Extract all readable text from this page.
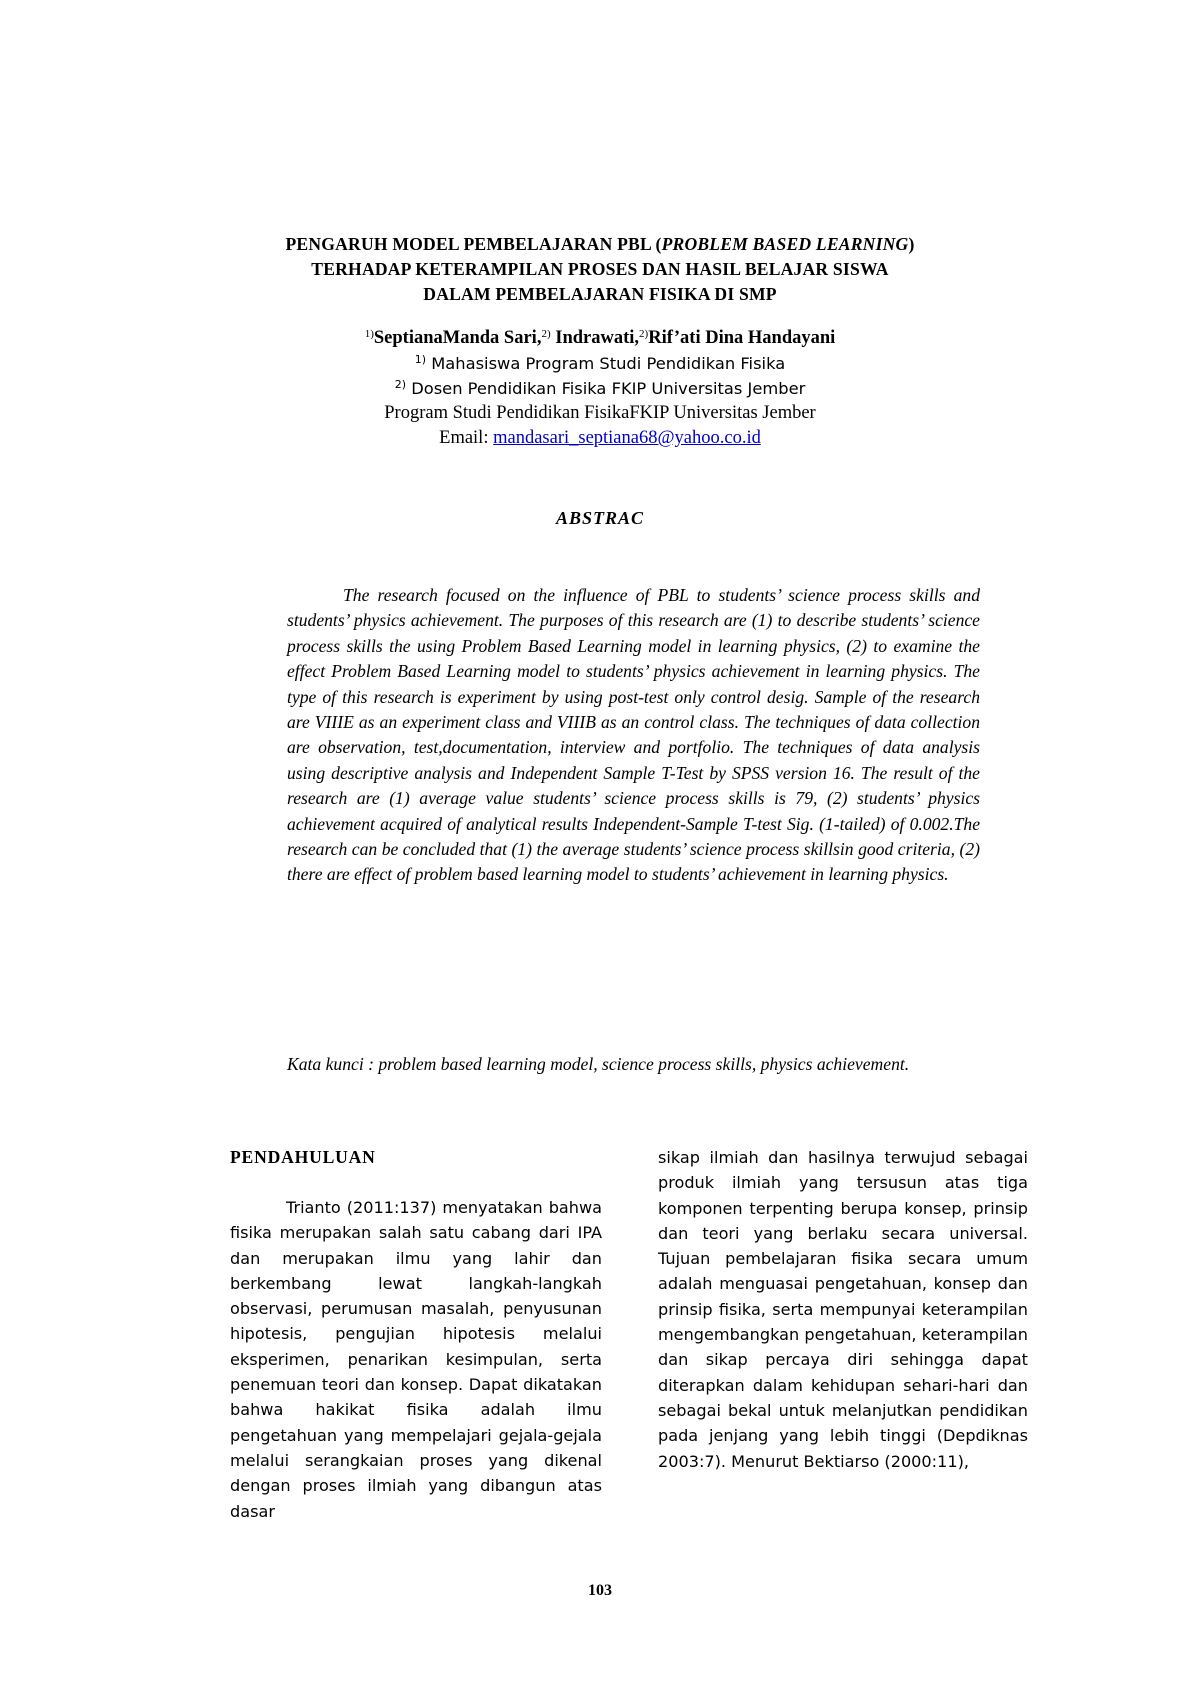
PENGARUH MODEL PEMBELAJARAN PBL (PROBLEM BASED LEARNING)
TERHADAP KETERAMPILAN PROSES DAN HASIL BELAJAR SISWA
DALAM PEMBELAJARAN FISIKA DI SMP
$^{1)}$SeptianaManda Sari,$^{2)}$ Indrawati,$^{2)}$Rif’ati Dina Handayani
$^{1)}$ Mahasiswa Program Studi Pendidikan Fisika
$^{2)}$ Dosen Pendidikan Fisika FKIP Universitas Jember
Program Studi Pendidikan FisikaFKIP Universitas Jember
Email: mandasari_septiana68@yahoo.co.id
ABSTRAC

The research focused on the influence of PBL to students’ science process skills and students’ physics achievement. The purposes of this research are (1) to describe students’ science process skills the using Problem Based Learning model in learning physics, (2) to examine the effect Problem Based Learning model to students’ physics achievement in learning physics. The type of this research is experiment by using post-test only control desig. Sample of the research are VIIIE as an experiment class and VIIIB as an control class. The techniques of data collection are observation, test,documentation, interview and portfolio. The techniques of data analysis using descriptive analysis and Independent Sample T-Test by SPSS version 16. The result of the research are (1) average value students’ science process skills is 79, (2) students’ physics achievement acquired of analytical results Independent-Sample T-test Sig. (1-tailed) of 0.002.The research can be concluded that (1) the average students’ science process skillsin good criteria, (2) there are effect of problem based learning model to students’ achievement in learning physics.

Kata kunci : problem based learning model, science process skills, physics achievement.

PENDAHULUAN

Trianto (2011:137) menyatakan bahwa fisika merupakan salah satu cabang dari IPA dan merupakan ilmu yang lahir dan berkembang lewat langkah-langkah observasi, perumusan masalah, penyusunan hipotesis, pengujian hipotesis melalui eksperimen, penarikan kesimpulan, serta penemuan teori dan konsep. Dapat dikatakan bahwa hakikat fisika adalah ilmu pengetahuan yang mempelajari gejala-gejala melalui serangkaian proses yang dikenal dengan proses ilmiah yang dibangun atas dasar

sikap ilmiah dan hasilnya terwujud sebagai produk ilmiah yang tersusun atas tiga komponen terpenting berupa konsep, prinsip dan teori yang berlaku secara universal. Tujuan pembelajaran fisika secara umum adalah menguasai pengetahuan, konsep dan prinsip fisika, serta mempunyai keterampilan mengembangkan pengetahuan, keterampilan dan sikap percaya diri sehingga dapat diterapkan dalam kehidupan sehari-hari dan sebagai bekal untuk melanjutkan pendidikan pada jenjang yang lebih tinggi (Depdiknas 2003:7). Menurut Bektiarso (2000:11),

103
